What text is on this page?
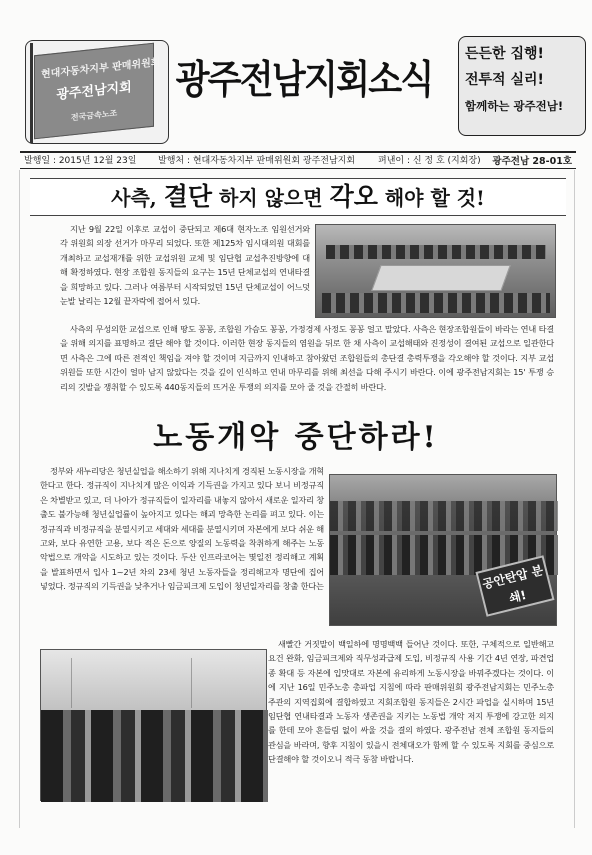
현대자동차지부 판매위원회
광주전남지회
전국금속노조
광주전남지회소식
든든한 집행!
전투적 실리!
함께하는 광주전남!
발행일 : 2015년 12월 23일 발행처 : 현대자동차지부 판매위원회 광주전남지회	펴낸이 : 신 정 호 (지회장) 광주전남 28-01호
사측, 결단 하지 않으면 각오 해야 할 것!

지난 9월 22일 이후로 교섭이 중단되고 제6대 현자노조 임원선거와 각 위원회 의장 선거가 마무리 되었다. 또한 제125차 임시대의원 대회를 개최하고 교섭재개를 위한 교섭위원 교체 및 임단협 교섭추진방향에 대해 확정하였다. 현장 조합원 동지들의 요구는 15년 단체교섭의 연내타결을 희망하고 있다. 그러나 여름부터 시작되었던 15년 단체교섭이 어느덧 눈발 날리는 12월 끝자락에 접어서 있다.

사측의 무성의한 교섭으로 인해 땅도 꽁꽁, 조합원 가슴도 꽁꽁, 가정경제 사정도 꽁꽁 얼고 말았다. 사측은 현장조합원들이 바라는 연내 타결을 위해 의지를 표명하고 결단 해야 할 것이다. 이러한 현장 동지들의 염원을 뒤로 한 채 사측이 교섭해태와 진정성이 결여된 교섭으로 일관한다면 사측은 그에 따른 전적인 책임을 져야 할 것이며 지금까지 인내하고 참아왔던 조합원들의 총단결 총력투쟁을 각오해야 할 것이다. 지부 교섭위원들 또한 시간이 얼마 남지 않았다는 것을 깊이 인식하고 연내 마무리를 위해 최선을 다해 주시기 바란다. 이에 광주전남지회는 15' 투쟁 승리의 깃발을 쟁취할 수 있도록 440동지들의 뜨거운 투쟁의 의지를 모아 줄 것을 간절히 바란다.

노동개악 중단하라!

정부와 새누리당은 청년실업을 해소하기 위해 지나치게 경직된 노동시장을 개혁한다고 한다. 정규직이 지나치게 많은 이익과 기득권을 가지고 있다 보니 비정규직은 차별받고 있고, 더 나아가 정규직들이 일자리를 내놓지 않아서 새로운 일자리 창출도 불가능해 청년실업률이 높아지고 있다는 해괴 망측한 논리를 펴고 있다. 이는 정규직과 비정규직을 분열시키고 세대와 세대를 분열시키며 자본에게 보다 쉬운 해고와, 보다 유연한 고용, 보다 적은 돈으로 양질의 노동력을 착취하게 해주는 노동 악법으로 개악을 시도하고 있는 것이다. 두산 인프라코어는 몇일전 정리해고 계획을 발표하면서 입사 1~2년 차의 23세 청년 노동자들을 정리해고자 명단에 집어 넣었다. 정규직의 기득권을 낮추거나 임금피크제 도입이 청년일자리를 창출 한다는	공안탄압 분쇄!

새빨간 거짓말이 백일하에 명명백백 들어난 것이다. 또한, 구체적으로 일반해고 요건 완화, 임금피크제와 직무성과급제 도입, 비정규직 사용 기간 4년 연장, 파견업종 확대 등 자본에 입맛대로 자본에 유리하게 노동시장을 바꿔주겠다는 것이다. 이에 지난 16일 민주노총 총파업 지침에 따라 판매위원회 광주전남지회는 민주노총 주관의 지역집회에 결합하였고 지회조합원 동지들은 2시간 파업을 실시하며 15년 임단협 연내타결과 노동자 생존권을 지키는 노동법 개악 저지 투쟁에 강고한 의지를 한데 모아 흔들림 없이 싸울 것을 결의 하였다. 광주전남 전체 조합원 동지들의 관심을 바라며, 향후 지침이 있을시 전체대오가 함께 할 수 있도록 지회를 중심으로 단결해야 할 것이오니 적극 동참 바랍니다.
